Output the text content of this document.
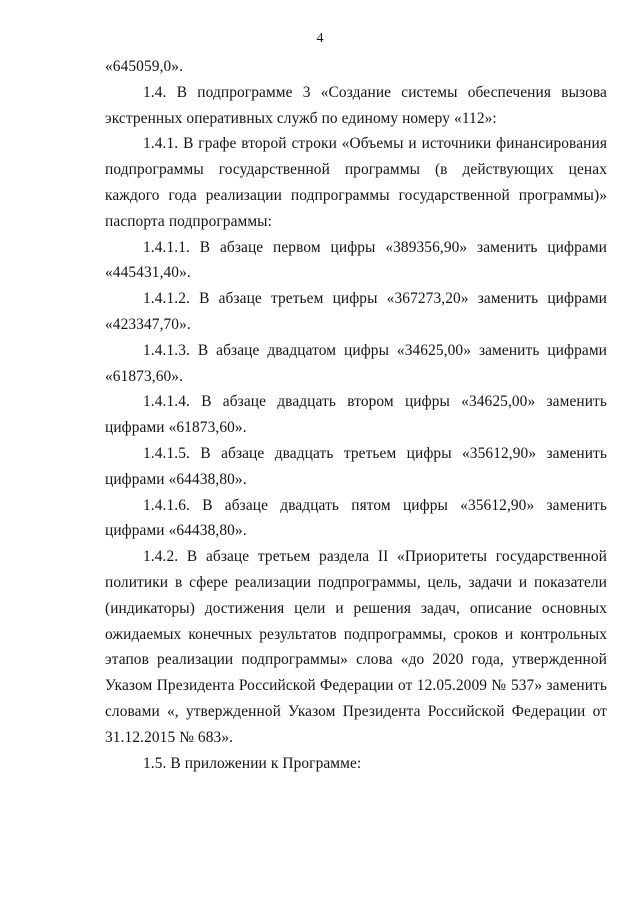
4

«645059,0».

1.4. В подпрограмме 3 «Создание системы обеспечения вызова экстренных оперативных служб по единому номеру «112»:

1.4.1. В графе второй строки «Объемы и источники финансирования подпрограммы государственной программы (в действующих ценах каждого года реализации подпрограммы государственной программы)» паспорта подпрограммы:

1.4.1.1. В абзаце первом цифры «389356,90» заменить цифрами «445431,40».

1.4.1.2. В абзаце третьем цифры «367273,20» заменить цифрами «423347,70».

1.4.1.3. В абзаце двадцатом цифры «34625,00» заменить цифрами «61873,60».

1.4.1.4. В абзаце двадцать втором цифры «34625,00» заменить цифрами «61873,60».

1.4.1.5. В абзаце двадцать третьем цифры «35612,90» заменить цифрами «64438,80».

1.4.1.6. В абзаце двадцать пятом цифры «35612,90» заменить цифрами «64438,80».

1.4.2. В абзаце третьем раздела II «Приоритеты государственной политики в сфере реализации подпрограммы, цель, задачи и показатели (индикаторы) достижения цели и решения задач, описание основных ожидаемых конечных результатов подпрограммы, сроков и контрольных этапов реализации подпрограммы» слова «до 2020 года, утвержденной Указом Президента Российской Федерации от 12.05.2009 № 537» заменить словами «, утвержденной Указом Президента Российской Федерации от 31.12.2015 № 683».

1.5. В приложении к Программе:
